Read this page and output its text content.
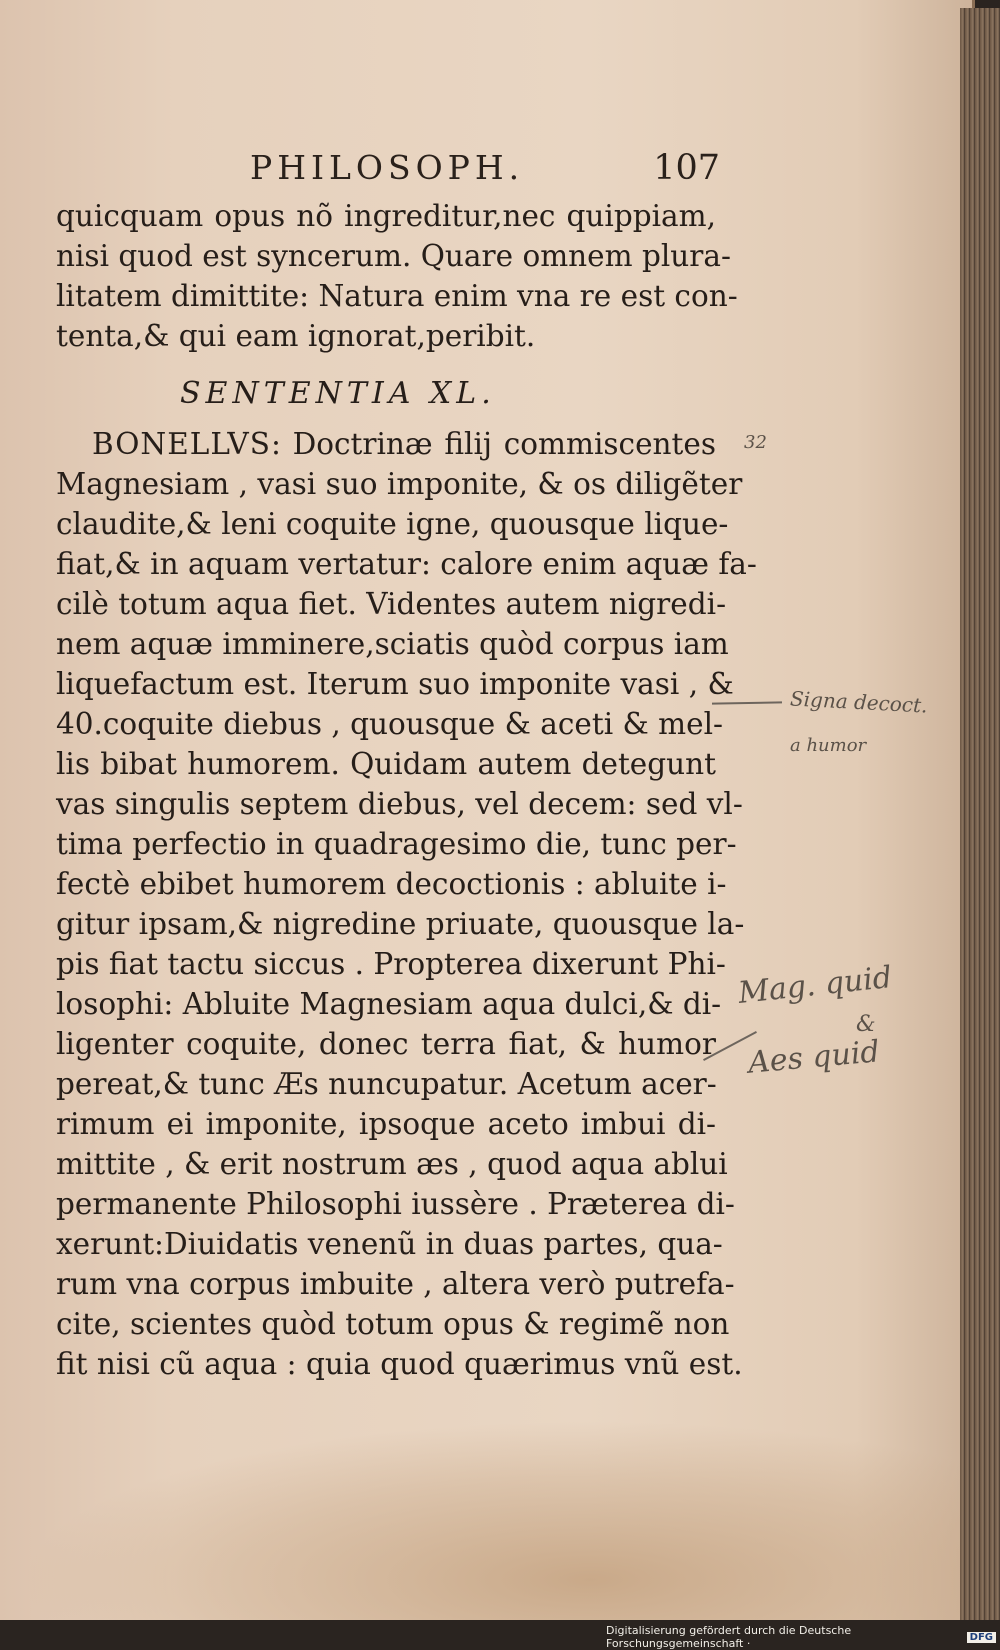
PHILOSOPH.	107
quicquam opus nõ ingreditur,nec quippiam,
nisi quod est syncerum. Quare omnem plura-
litatem dimittite: Natura enim vna re est con-
tenta,& qui eam ignorat,peribit.
SENTENTIA XL.
BONELLVS: Doctrinæ filij commiscentes
Magnesiam , vasi suo imponite, & os diligẽter
claudite,& leni coquite igne, quousque lique-
fiat,& in aquam vertatur: calore enim aquæ fa-
cilè totum aqua fiet. Videntes autem nigredi-
nem aquæ imminere,sciatis quòd corpus iam
liquefactum est. Iterum suo imponite vasi , &
40.coquite diebus , quousque & aceti & mel-
lis bibat humorem. Quidam autem detegunt
vas singulis septem diebus, vel decem: sed vl-
tima perfectio in quadragesimo die, tunc per-
fectè ebibet humorem decoctionis : abluite i-
gitur ipsam,& nigredine priuate, quousque la-
pis fiat tactu siccus . Propterea dixerunt Phi-
losophi: Abluite Magnesiam aqua dulci,& di-
ligenter coquite, donec terra fiat, & humor
pereat,& tunc Æs nuncupatur. Acetum acer-
rimum ei imponite, ipsoque aceto imbui di-
mittite , & erit nostrum æs , quod aqua ablui
permanente Philosophi iussère . Præterea di-
xerunt:Diuidatis venenũ in duas partes, qua-
rum vna corpus imbuite , altera verò putrefa-
cite, scientes quòd totum opus & regimẽ non
fit nisi cũ aqua : quia quod quærimus vnũ est.
32
Signa decoct.
a humor
Mag. quid
&
Aes quid
Digitalisierung gefördert durch die Deutsche Forschungsgemeinschaft ·	DFG
